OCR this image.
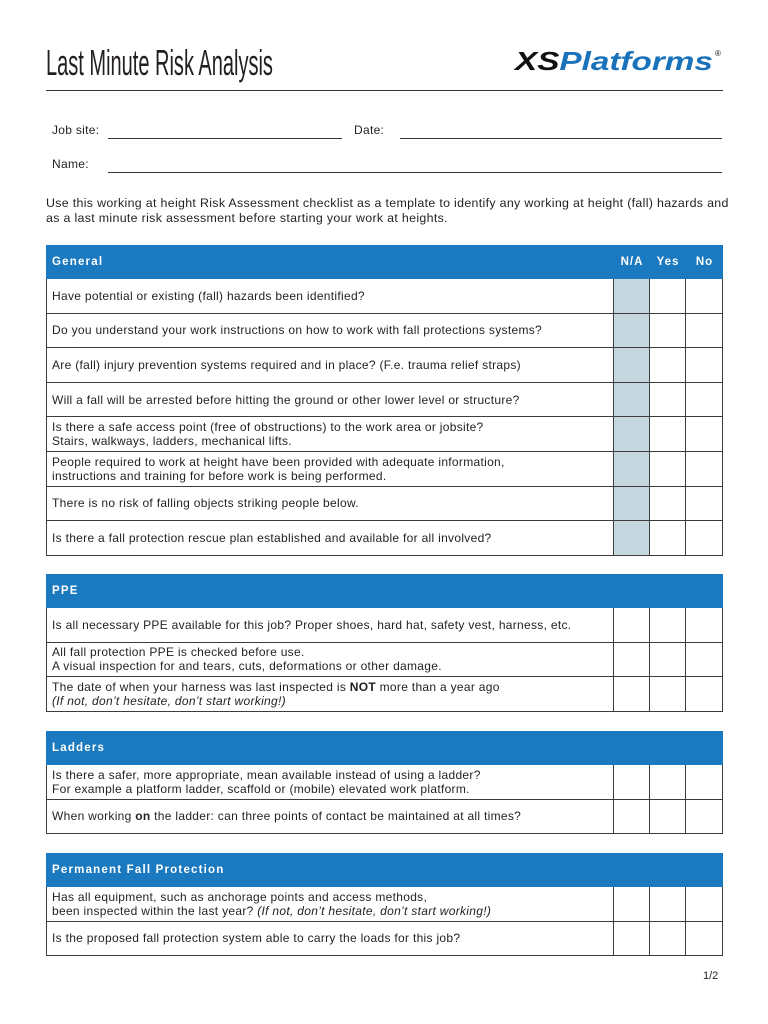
Last Minute Risk Analysis	XSPlatforms ®
Job site:	Date:
Name:
Use this working at height Risk Assessment checklist as a template to identify any working at height (fall) hazards and
as a last minute risk assessment before starting your work at heights.
General	N/A	Yes	No
Have potential or existing (fall) hazards been identified?
Do you understand your work instructions on how to work with fall protections systems?
Are (fall) injury prevention systems required and in place? (F.e. trauma relief straps)
Will a fall will be arrested before hitting the ground or other lower level or structure?
Is there a safe access point (free of obstructions) to the work area or jobsite?
Stairs, walkways, ladders, mechanical lifts.
People required to work at height have been provided with adequate information,
instructions and training for before work is being performed.
There is no risk of falling objects striking people below.
Is there a fall protection rescue plan established and available for all involved?
PPE
Is all necessary PPE available for this job? Proper shoes, hard hat, safety vest, harness, etc.
All fall protection PPE is checked before use.
A visual inspection for and tears, cuts, deformations or other damage.
The date of when your harness was last inspected is NOT more than a year ago
(If not, don’t hesitate, don’t start working!)
Ladders
Is there a safer, more appropriate, mean available instead of using a ladder?
For example a platform ladder, scaffold or (mobile) elevated work platform.
When working on the ladder: can three points of contact be maintained at all times?
Permanent Fall Protection
Has all equipment, such as anchorage points and access methods,
been inspected within the last year? (If not, don’t hesitate, don’t start working!)
Is the proposed fall protection system able to carry the loads for this job?
1/2
